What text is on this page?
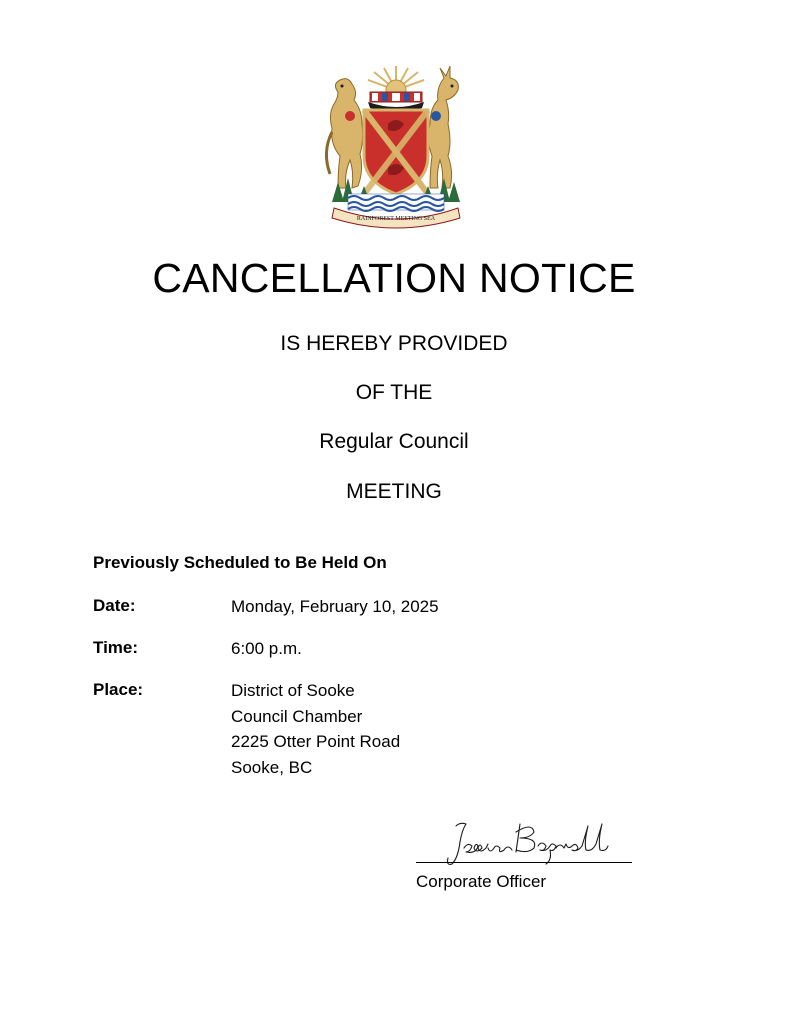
RAINFOREST MEETING SEA
CANCELLATION NOTICE
IS HEREBY PROVIDED
OF THE
Regular Council
MEETING
Previously Scheduled to Be Held On
Date:	Monday, February 10, 2025
Time:	6:00 p.m.
Place:	District of Sooke
Council Chamber
2225 Otter Point Road
Sooke, BC
Corporate Officer
